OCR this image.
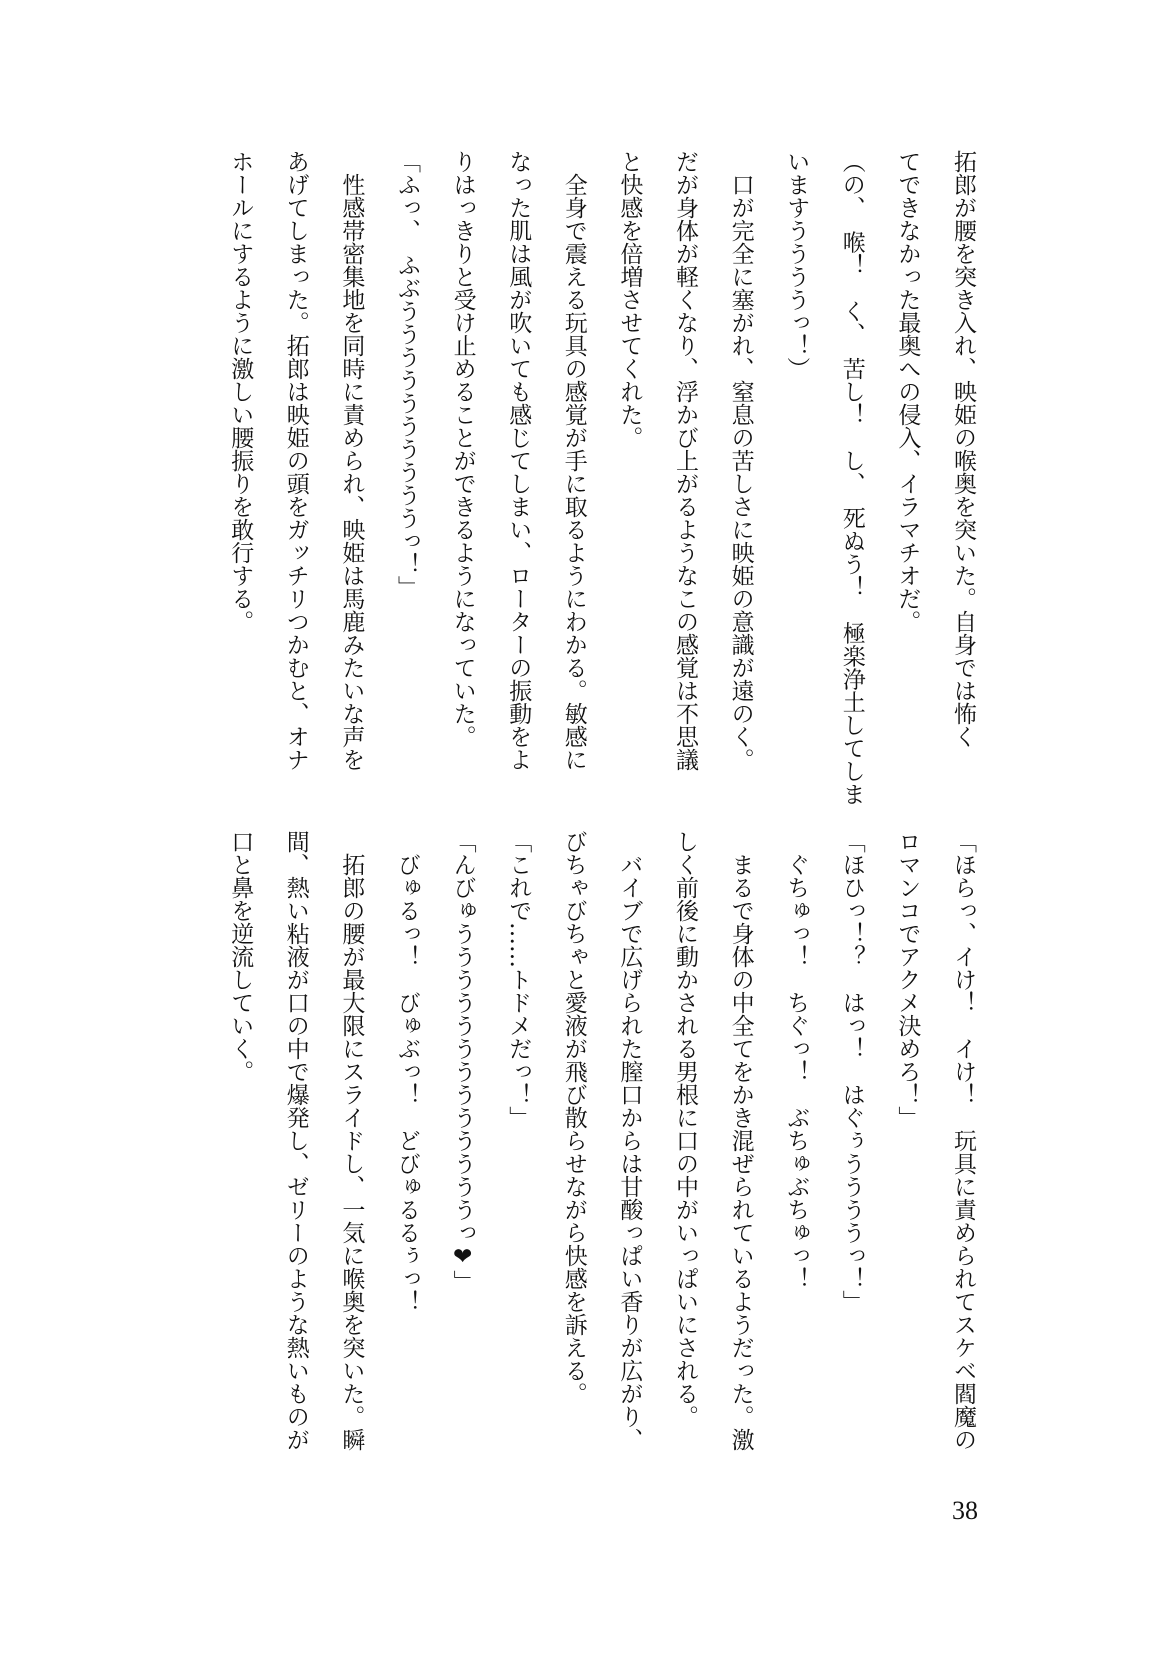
拓郎が腰を突き入れ、映姫の喉奥を突いた。自身では怖く
てできなかった最奥への侵入、イラマチオだ。
（の、　喉！　く、　苦し！　し、　死ぬう！　極楽浄土してしま
いますううううっ！）
　口が完全に塞がれ、窒息の苦しさに映姫の意識が遠のく。
だが身体が軽くなり、浮かび上がるようなこの感覚は不思議
と快感を倍増させてくれた。
　全身で震える玩具の感覚が手に取るようにわかる。敏感に
なった肌は風が吹いても感じてしまい、ローターの振動をよ
りはっきりと受け止めることができるようになっていた。
「ふっ、　ふぶううううううううううっ！」
　性感帯密集地を同時に責められ、映姫は馬鹿みたいな声を
あげてしまった。拓郎は映姫の頭をガッチリつかむと、オナ
ホールにするように激しい腰振りを敢行する。
「ほらっ、イけ！　イけ！　玩具に責められてスケベ閻魔の
ロマンコでアクメ決めろ！」
「ほひっ！？　はっ！　はぐぅううううっ！」
　ぐちゅっ！　ちぐっ！　ぶちゅぶちゅっ！
　まるで身体の中全てをかき混ぜられているようだった。激
しく前後に動かされる男根に口の中がいっぱいにされる。
　バイブで広げられた膣口からは甘酸っぱい香りが広がり、
びちゃびちゃと愛液が飛び散らせながら快感を訴える。
「これで……トドメだっ！」
「んびゅうううううううううううううっ❤」
　びゅるっ！　びゅぶっ！　どびゅるるぅっ！
　拓郎の腰が最大限にスライドし、一気に喉奥を突いた。瞬
間、熱い粘液が口の中で爆発し、ゼリーのような熱いものが
口と鼻を逆流していく。
38
